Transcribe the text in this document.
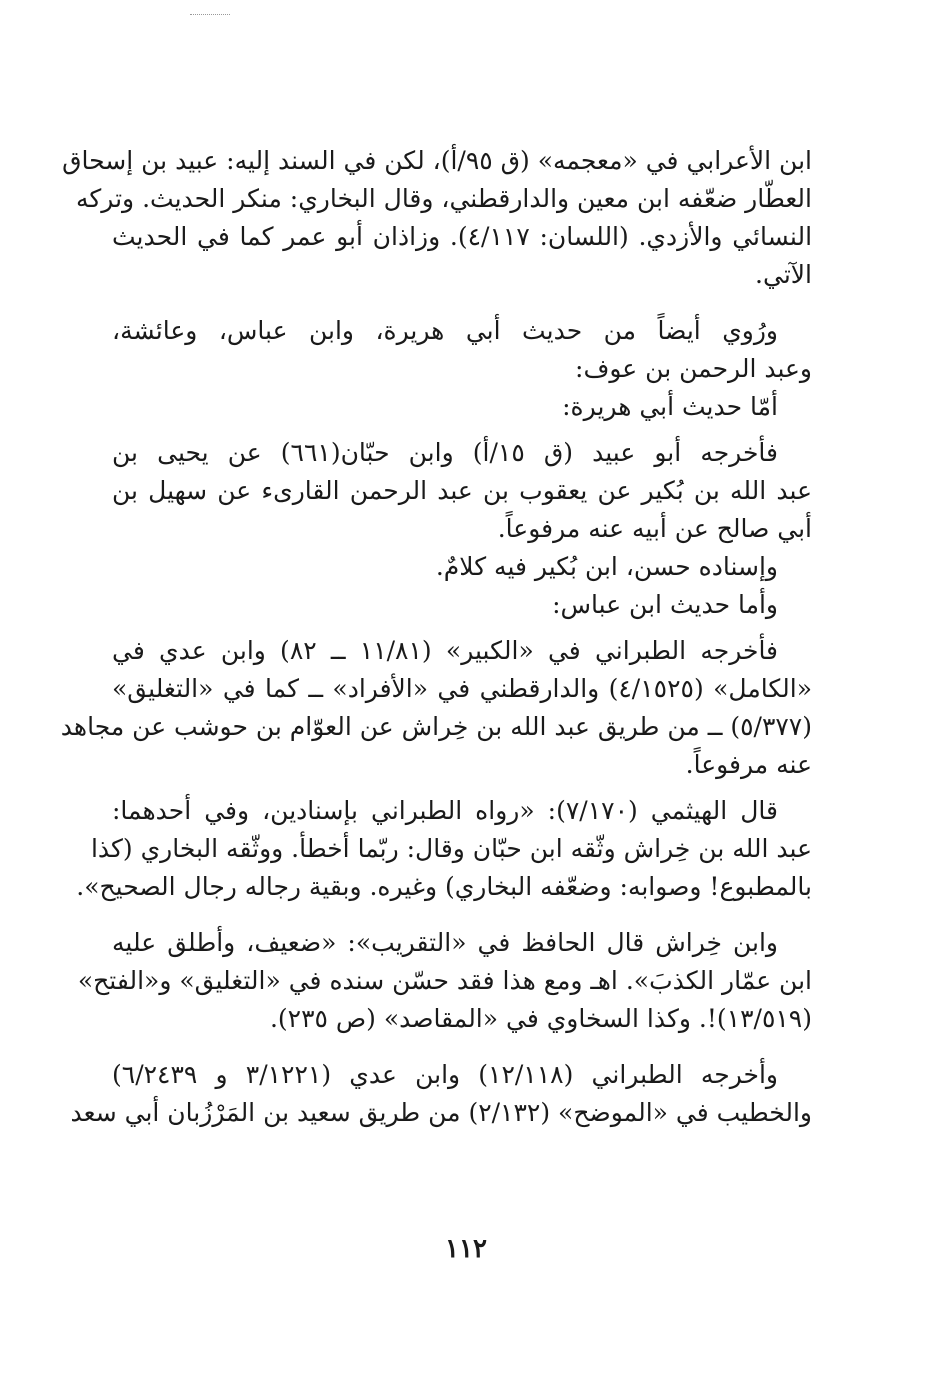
ابن الأعرابي في «معجمه» (ق ٩٥/أ)، لكن في السند إليه: عبيد بن إسحاق
العطّار ضعّفه ابن معين والدارقطني، وقال البخاري: منكر الحديث. وتركه
النسائي والأزدي. (اللسان: ٤/١١٧). وزاذان أبو عمر كما في الحديث
الآتي.
ورُوي أيضاً من حديث أبي هريرة، وابن عباس، وعائشة،
وعبد الرحمن بن عوف:
أمّا حديث أبي هريرة:
فأخرجه أبو عبيد (ق ١٥/أ) وابن حبّان(٦٦١) عن يحيى بن
عبد الله بن بُكير عن يعقوب بن عبد الرحمن القارىء عن سهيل بن
أبي صالح عن أبيه عنه مرفوعاً.
وإسناده حسن، ابن بُكير فيه كلامٌ.
وأما حديث ابن عباس:
فأخرجه الطبراني في «الكبير» (١١/٨١ ــ ٨٢) وابن عدي في
«الكامل» (٤/١٥٢٥) والدارقطني في «الأفراد» ــ كما في «التغليق»
(٥/٣٧٧) ــ من طريق عبد الله بن خِراش عن العوّام بن حوشب عن مجاهد
عنه مرفوعاً.
قال الهيثمي (٧/١٧٠): «رواه الطبراني بإسنادين، وفي أحدهما:
عبد الله بن خِراش وثّقه ابن حبّان وقال: ربّما أخطأ. ووثّقه البخاري (كذا
بالمطبوع! وصوابه: وضعّفه البخاري) وغيره. وبقية رجاله رجال الصحيح».
وابن خِراش قال الحافظ في «التقريب»: «ضعيف، وأطلق عليه
ابن عمّار الكذبَ». اهـ ومع هذا فقد حسّن سنده في «التغليق» و«الفتح»
(١٣/٥١٩)!. وكذا السخاوي في «المقاصد» (ص ٢٣٥).
وأخرجه الطبراني (١٢/١١٨) وابن عدي (٣/١٢٢١ و ٦/٢٤٣٩)
والخطيب في «الموضح» (٢/١٣٢) من طريق سعيد بن المَرْزُبان أبي سعد
١١٢
